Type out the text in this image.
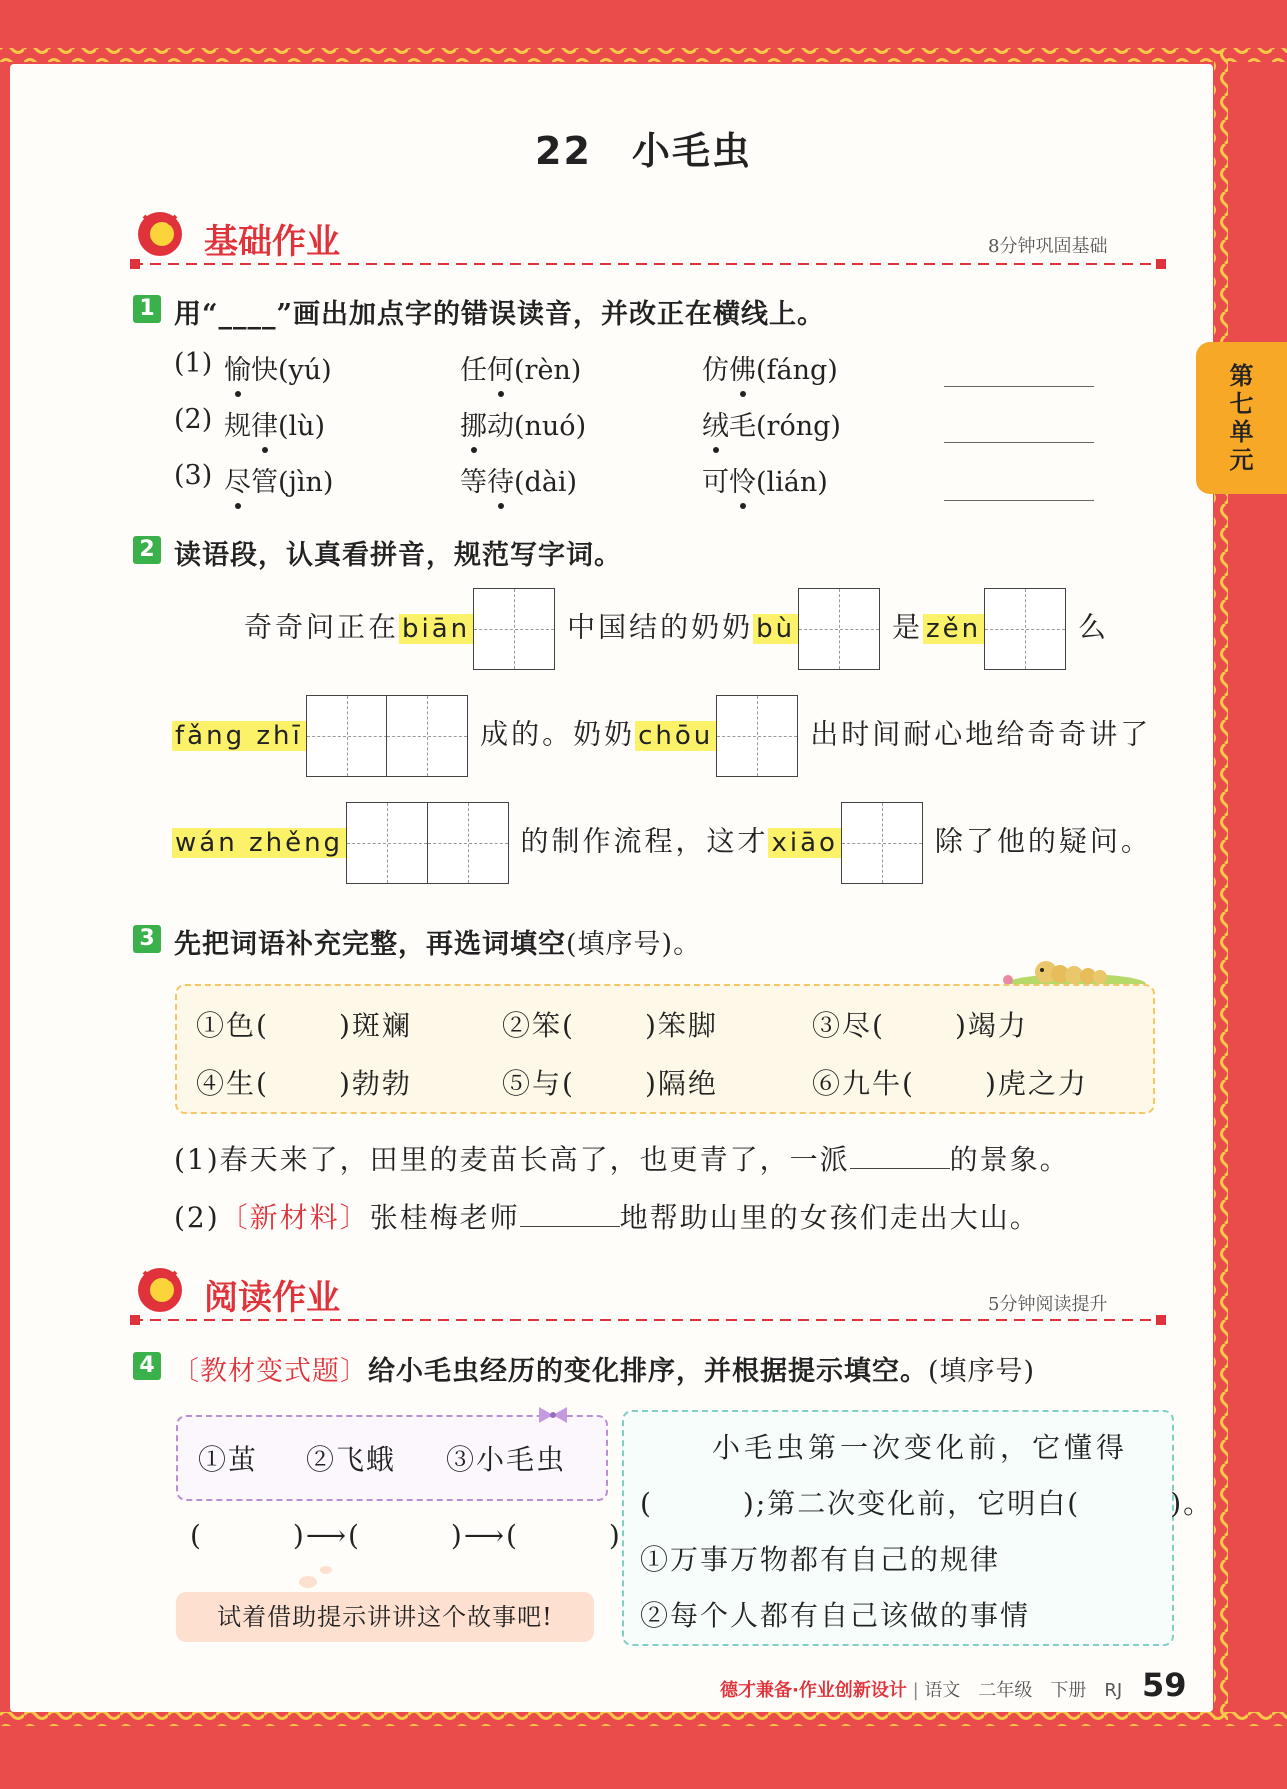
22　小毛虫
第
七
单
元
基础作业	8分钟巩固基础
1 用“____”画出加点字的错误读音，并改正在横线上。
(1) 愉快(yú)	任何(rèn)	仿佛(fáng)
(2) 规律(lù)	挪动(nuó)	绒毛(róng)
(3) 尽管(jìn)	等待(dài)	可怜(lián)
2 读语段，认真看拼音，规范写字词。
奇奇问正在 biān	中国结的奶奶 bù	是 zěn	么
fǎng zhī	成的。奶奶 chōu	出时间耐心地给奇奇讲了
wán zhěng	的制作流程，这才 xiāo	除了他的疑问。
3 先把词语补充完整，再选词填空(填序号)。
①色(	)斑斓	②笨(	)笨脚	③尽(	)竭力
④生(	)勃勃	⑤与(	)隔绝	⑥九牛(	)虎之力
(1)春天来了，田里的麦苗长高了，也更青了，一派	的景象。
(2)〔新材料〕张桂梅老师	地帮助山里的女孩们走出大山。
阅读作业	5分钟阅读提升
4 〔教材变式题〕给小毛虫经历的变化排序，并根据提示填空。(填序号)
①茧 ②飞蛾 ③小毛虫
(　　　)⟶(　　　)⟶(　　　)
试着借助提示讲讲这个故事吧!
小毛虫第一次变化前，它懂得
(　　　);第二次变化前，它明白(　　　)。
①万事万物都有自己的规律
②每个人都有自己该做的事情
德才兼备·作业创新设计 | 语文　二年级　下册　RJ 59
